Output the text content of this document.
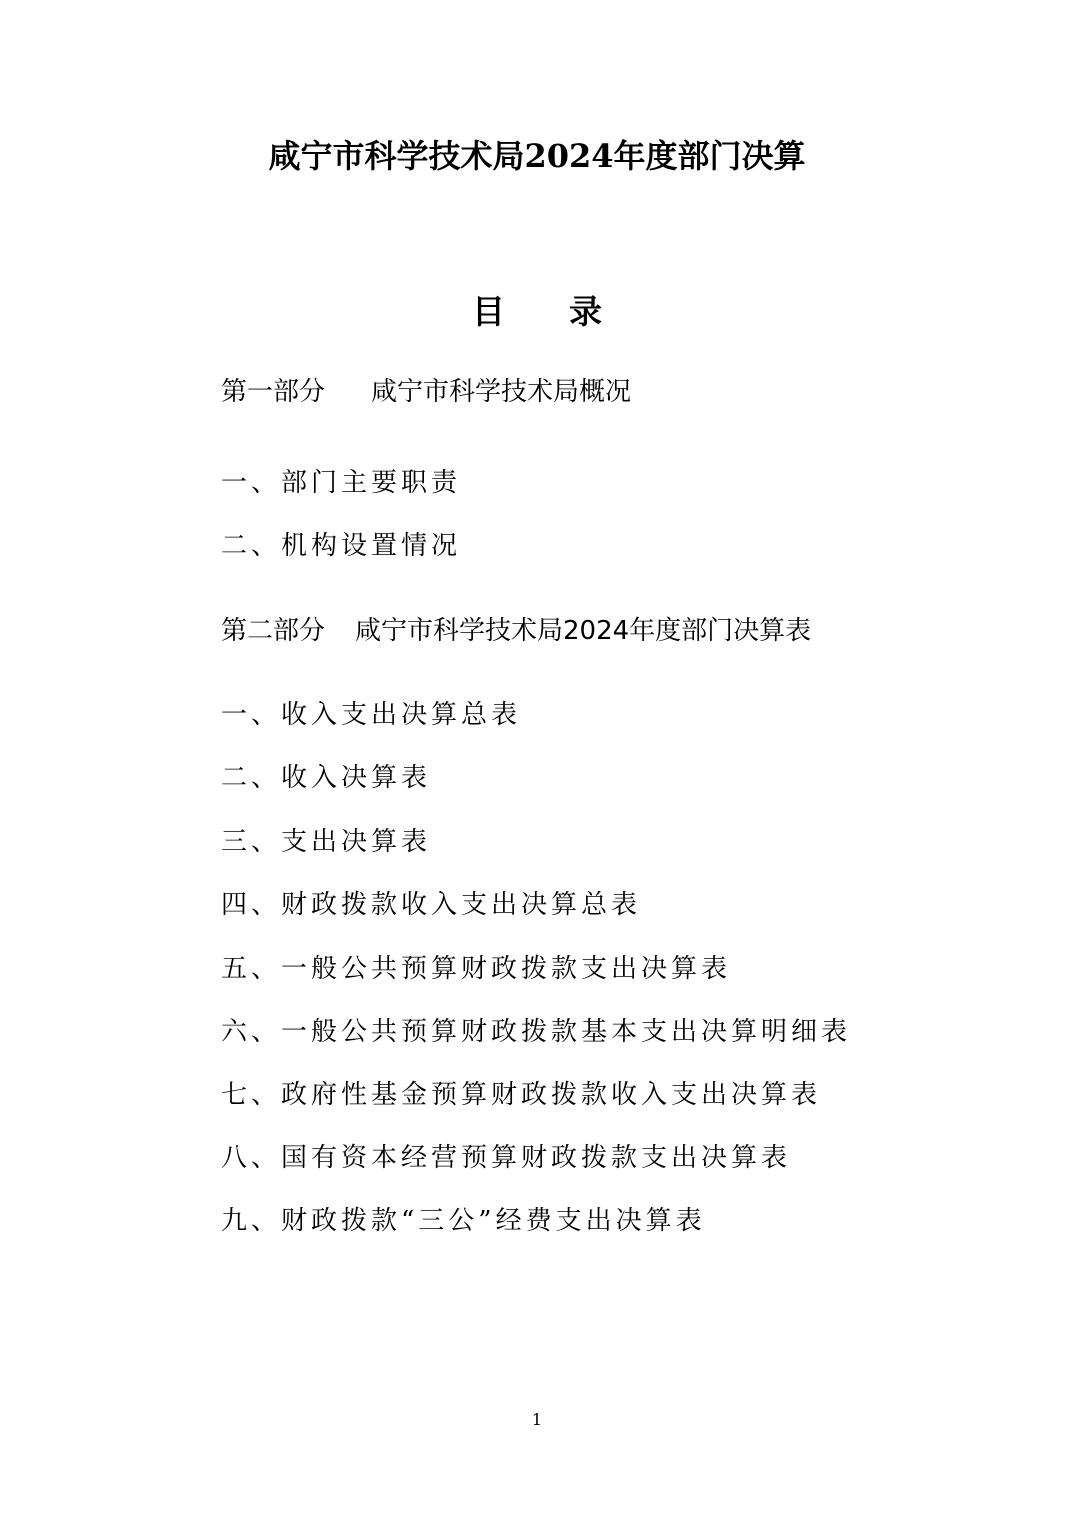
咸宁市科学技术局2024年度部门决算
目 录
第一部分 咸宁市科学技术局概况
一、部门主要职责
二、机构设置情况
第二部分 咸宁市科学技术局2024年度部门决算表
一、收入支出决算总表
二、收入决算表
三、支出决算表
四、财政拨款收入支出决算总表
五、一般公共预算财政拨款支出决算表
六、一般公共预算财政拨款基本支出决算明细表
七、政府性基金预算财政拨款收入支出决算表
八、国有资本经营预算财政拨款支出决算表
九、财政拨款“三公”经费支出决算表
1
